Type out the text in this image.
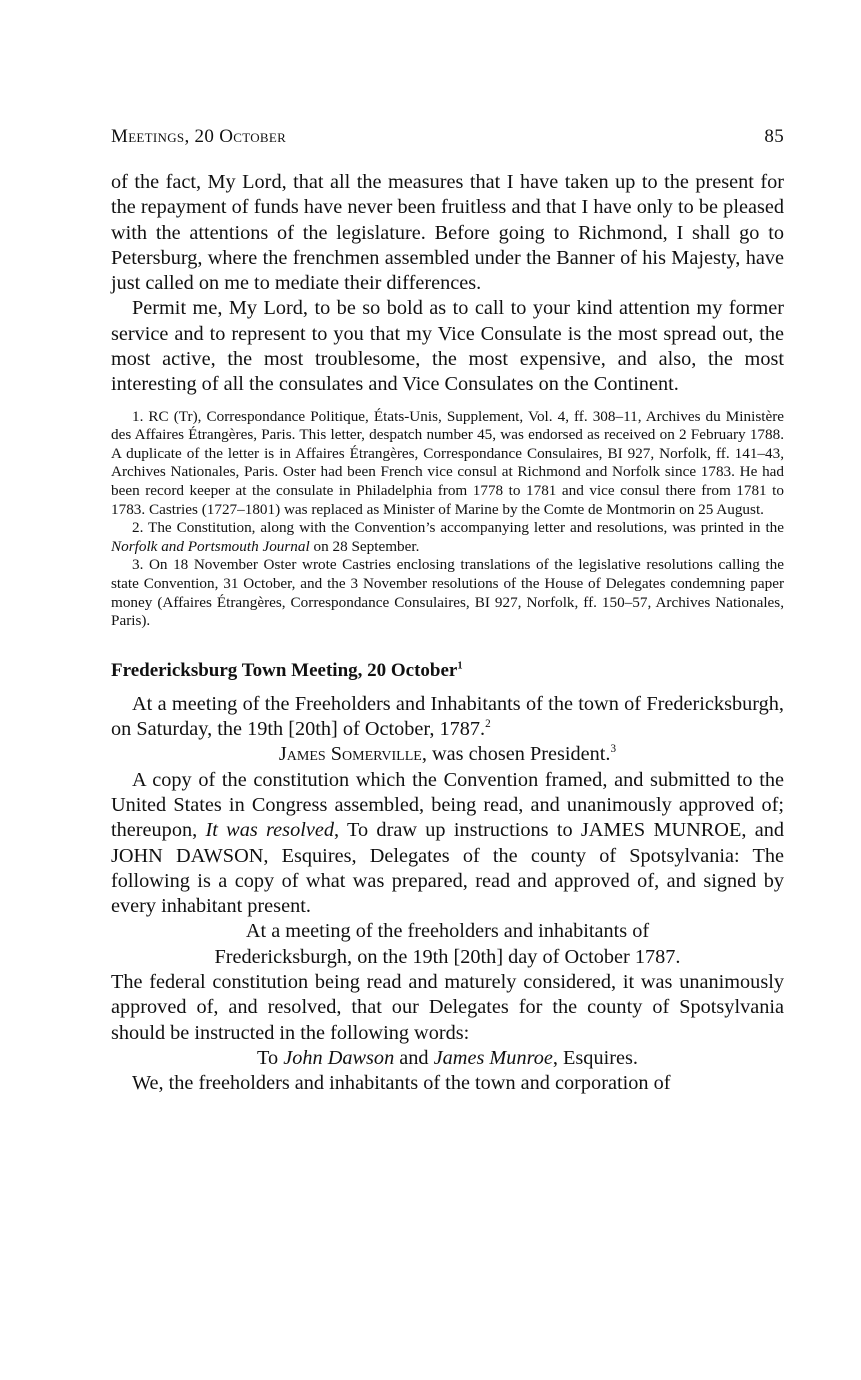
Meetings, 20 October	85

of the fact, My Lord, that all the measures that I have taken up to the present for the repayment of funds have never been fruitless and that I have only to be pleased with the attentions of the legislature. Before going to Richmond, I shall go to Petersburg, where the frenchmen assembled under the Banner of his Majesty, have just called on me to mediate their differences.

Permit me, My Lord, to be so bold as to call to your kind attention my former service and to represent to you that my Vice Consulate is the most spread out, the most active, the most troublesome, the most expensive, and also, the most interesting of all the consulates and Vice Consulates on the Continent.

1. RC (Tr), Correspondance Politique, États-Unis, Supplement, Vol. 4, ff. 308–11, Archives du Ministère des Affaires Étrangères, Paris. This letter, despatch number 45, was endorsed as received on 2 February 1788. A duplicate of the letter is in Affaires Étrangères, Correspondance Consulaires, BI 927, Norfolk, ff. 141–43, Archives Nationales, Paris. Oster had been French vice consul at Richmond and Norfolk since 1783. He had been record keeper at the consulate in Philadelphia from 1778 to 1781 and vice consul there from 1781 to 1783. Castries (1727–1801) was replaced as Minister of Marine by the Comte de Montmorin on 25 August.

2. The Constitution, along with the Convention’s accompanying letter and resolutions, was printed in the Norfolk and Portsmouth Journal on 28 September.

3. On 18 November Oster wrote Castries enclosing translations of the legislative resolutions calling the state Convention, 31 October, and the 3 November resolutions of the House of Delegates condemning paper money (Affaires Étrangères, Correspondance Consulaires, BI 927, Norfolk, ff. 150–57, Archives Nationales, Paris).

Fredericksburg Town Meeting, 20 October$^1$

At a meeting of the Freeholders and Inhabitants of the town of Fredericksburgh, on Saturday, the 19th [20th] of October, 1787.$^2$

James Somerville, was chosen President.$^3$

A copy of the constitution which the Convention framed, and submitted to the United States in Congress assembled, being read, and unanimously approved of; thereupon, It was resolved, To draw up instructions to JAMES MUNROE, and JOHN DAWSON, Esquires, Delegates of the county of Spotsylvania: The following is a copy of what was prepared, read and approved of, and signed by every inhabitant present.

At a meeting of the freeholders and inhabitants of

Fredericksburgh, on the 19th [20th] day of October 1787.

The federal constitution being read and maturely considered, it was unanimously approved of, and resolved, that our Delegates for the county of Spotsylvania should be instructed in the following words:

To John Dawson and James Munroe, Esquires.

We, the freeholders and inhabitants of the town and corporation of
